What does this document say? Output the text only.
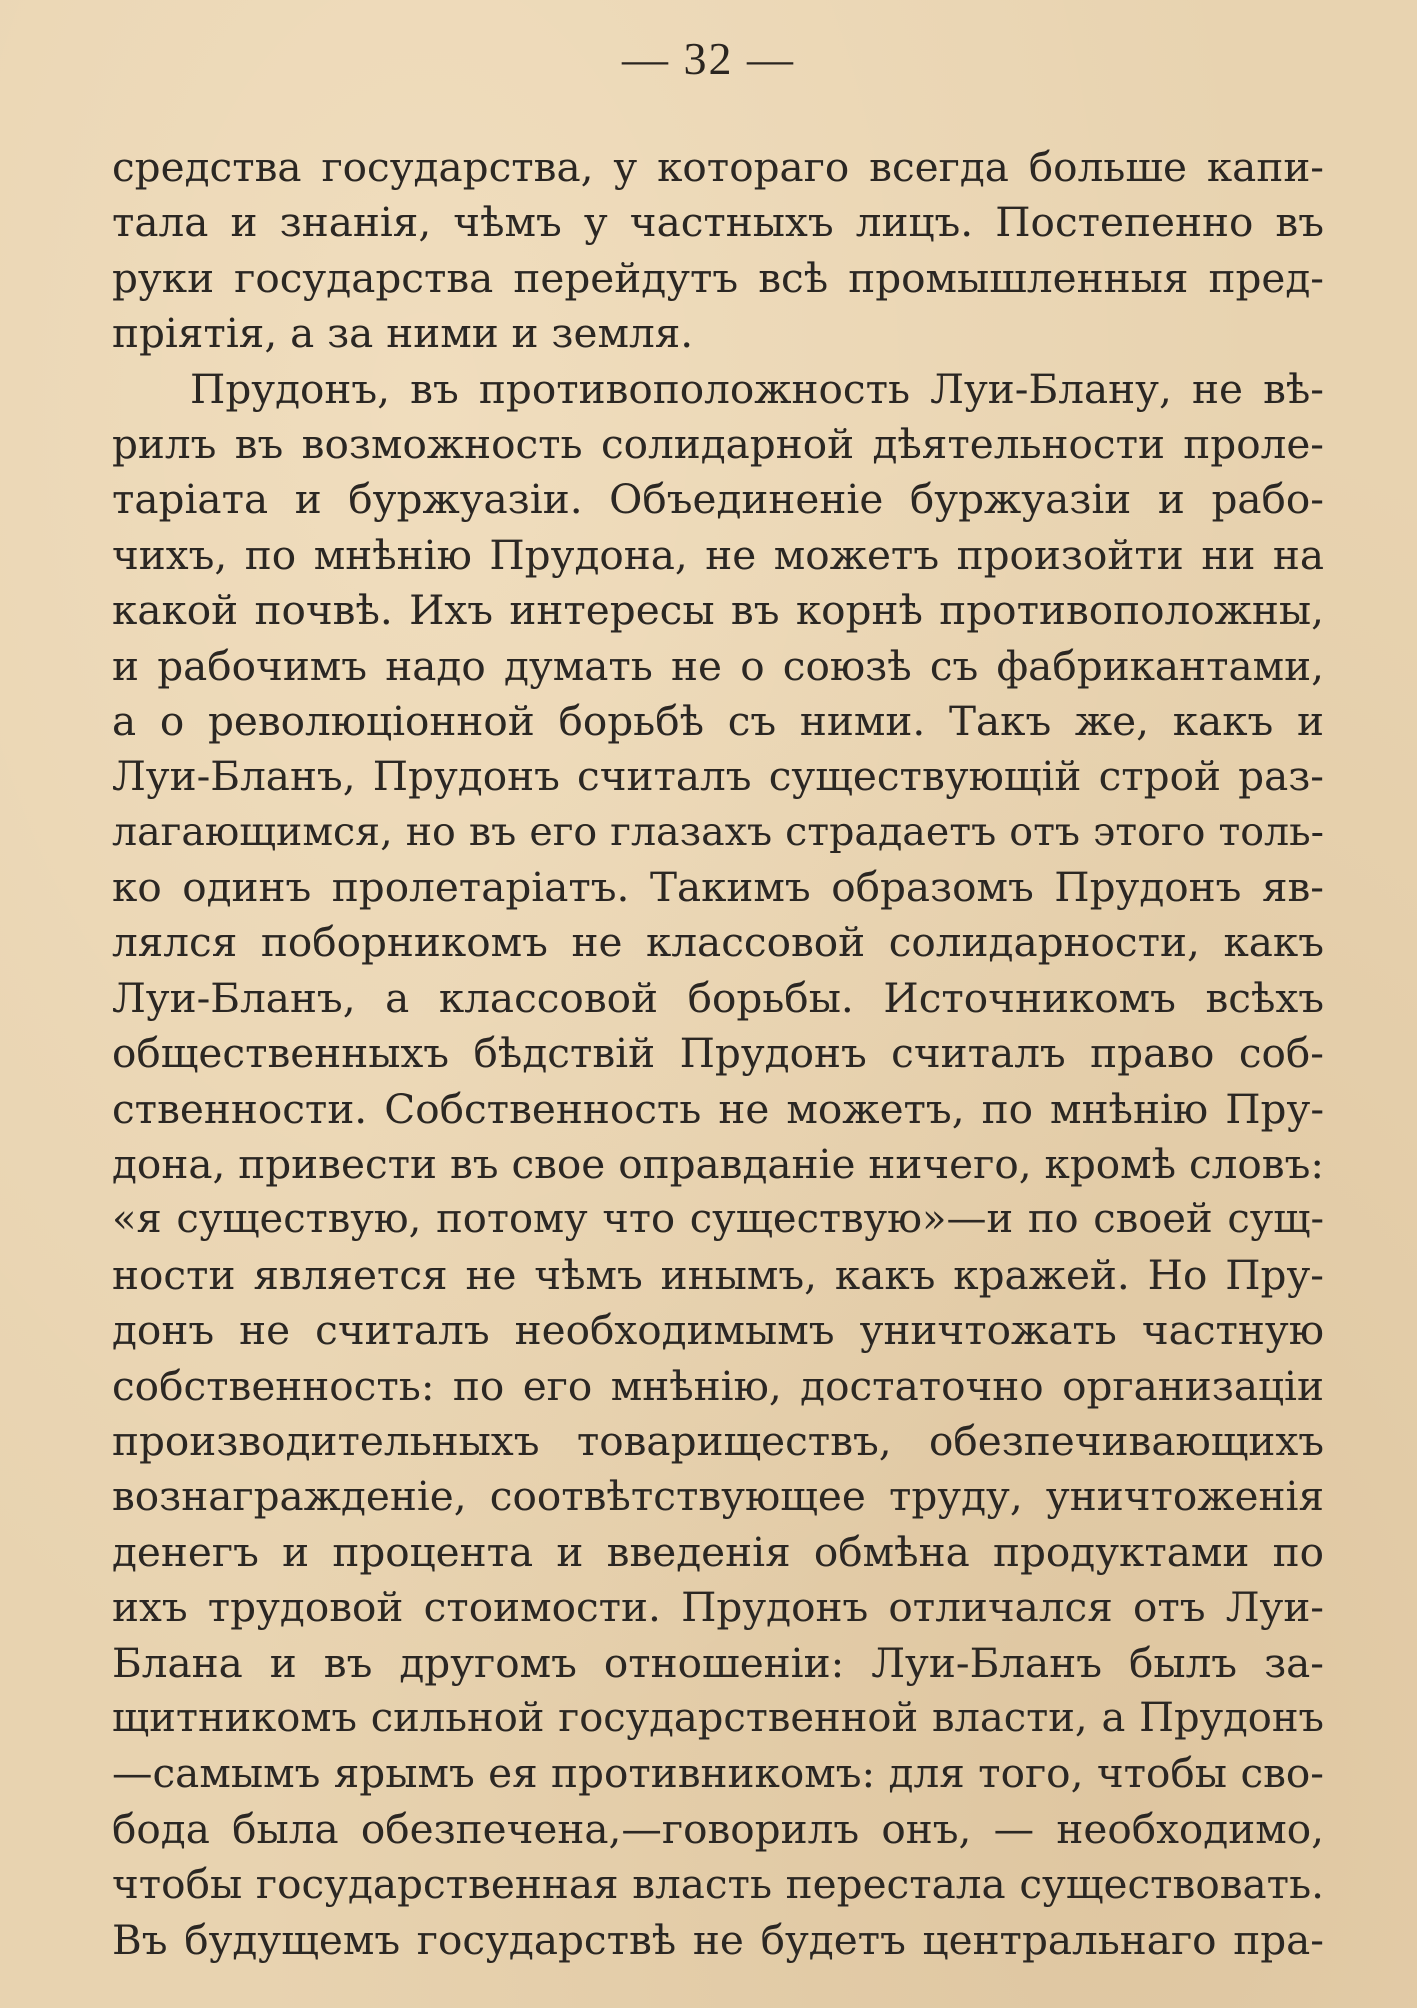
— 32 —
средства государства, у котораго всегда больше капи-
тала и знанія, чѣмъ у частныхъ лицъ. Постепенно въ
руки государства перейдутъ всѣ промышленныя пред-
пріятія, а за ними и земля.
Прудонъ, въ противоположность Луи-Блану, не вѣ-
рилъ въ возможность солидарной дѣятельности проле-
таріата и буржуазіи. Объединеніе буржуазіи и рабо-
чихъ, по мнѣнію Прудона, не можетъ произойти ни на
какой почвѣ. Ихъ интересы въ корнѣ противоположны,
и рабочимъ надо думать не о союзѣ съ фабрикантами,
а о революціонной борьбѣ съ ними. Такъ же, какъ и
Луи-Бланъ, Прудонъ считалъ существующій строй раз-
лагающимся, но въ его глазахъ страдаетъ отъ этого толь-
ко одинъ пролетаріатъ. Такимъ образомъ Прудонъ яв-
лялся поборникомъ не классовой солидарности, какъ
Луи-Бланъ, а классовой борьбы. Источникомъ всѣхъ
общественныхъ бѣдствій Прудонъ считалъ право соб-
ственности. Собственность не можетъ, по мнѣнію Пру-
дона, привести въ свое оправданіе ничего, кромѣ словъ:
«я существую, потому что существую»—и по своей сущ-
ности является не чѣмъ инымъ, какъ кражей. Но Пру-
донъ не считалъ необходимымъ уничтожать частную
собственность: по его мнѣнію, достаточно организаціи
производительныхъ товариществъ, обезпечивающихъ
вознагражденіе, соотвѣтствующее труду, уничтоженія
денегъ и процента и введенія обмѣна продуктами по
ихъ трудовой стоимости. Прудонъ отличался отъ Луи-
Блана и въ другомъ отношеніи: Луи-Бланъ былъ за-
щитникомъ сильной государственной власти, а Прудонъ
—самымъ ярымъ ея противникомъ: для того, чтобы сво-
бода была обезпечена,—говорилъ онъ, — необходимо,
чтобы государственная власть перестала существовать.
Въ будущемъ государствѣ не будетъ центральнаго пра-
